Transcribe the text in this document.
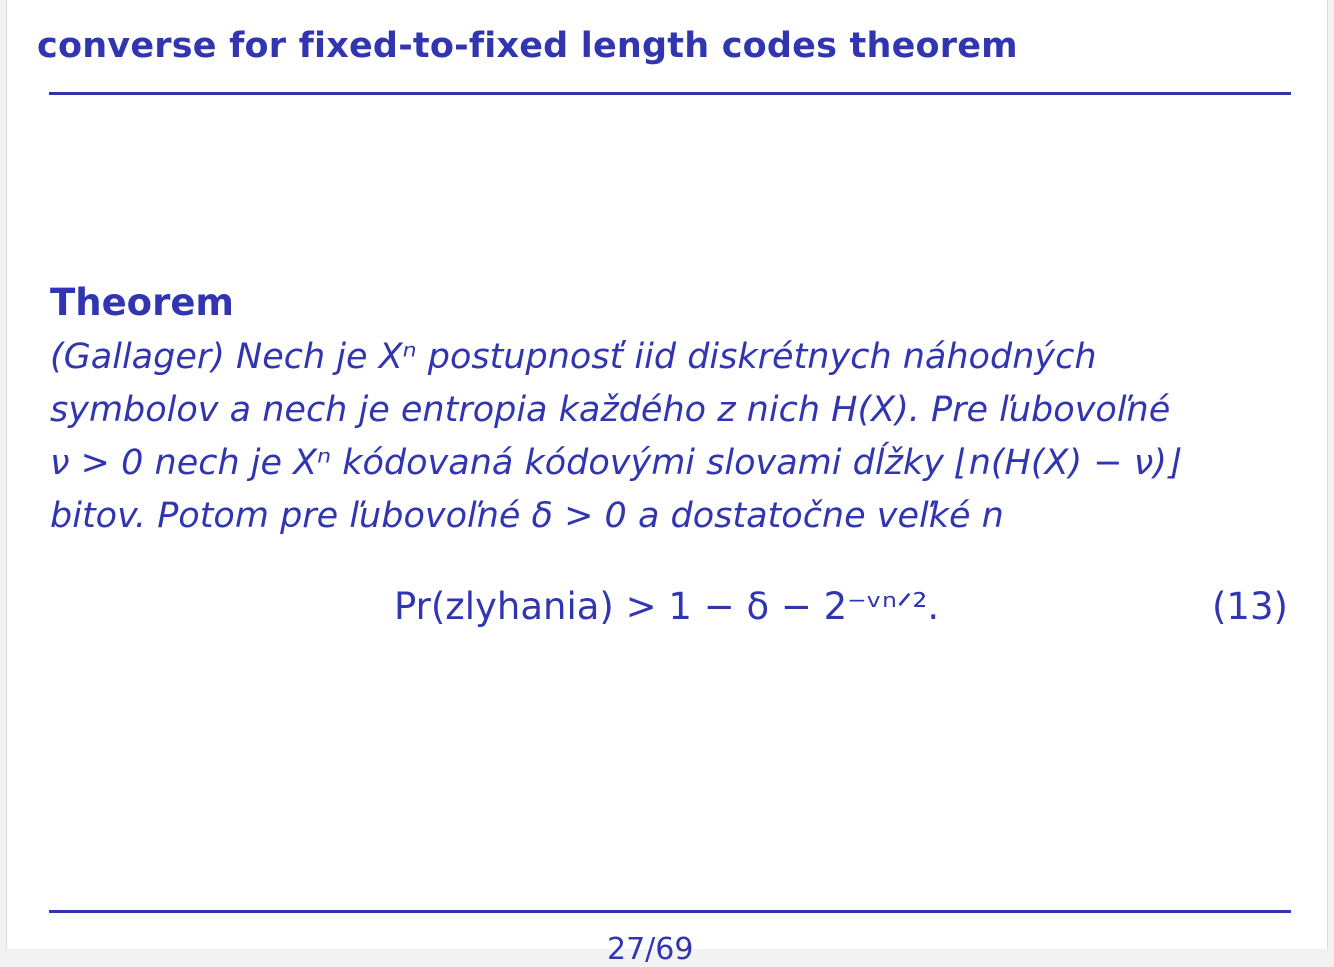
converse for fixed-to-fixed length codes theorem
Theorem

(Gallager) Nech je Xⁿ postupnosť iid diskrétnych náhodných
symbolov a nech je entropia každého z nich H(X). Pre ľubovoľné
ν > 0 nech je Xⁿ kódovaná kódovými slovami dĺžky ⌊n(H(X) − ν)⌋
bitov. Potom pre ľubovoľné δ > 0 a dostatočne veľké n

Pr(zlyhania) > 1 − δ − 2⁻ᵛⁿᐟ².	(13)
27/69
